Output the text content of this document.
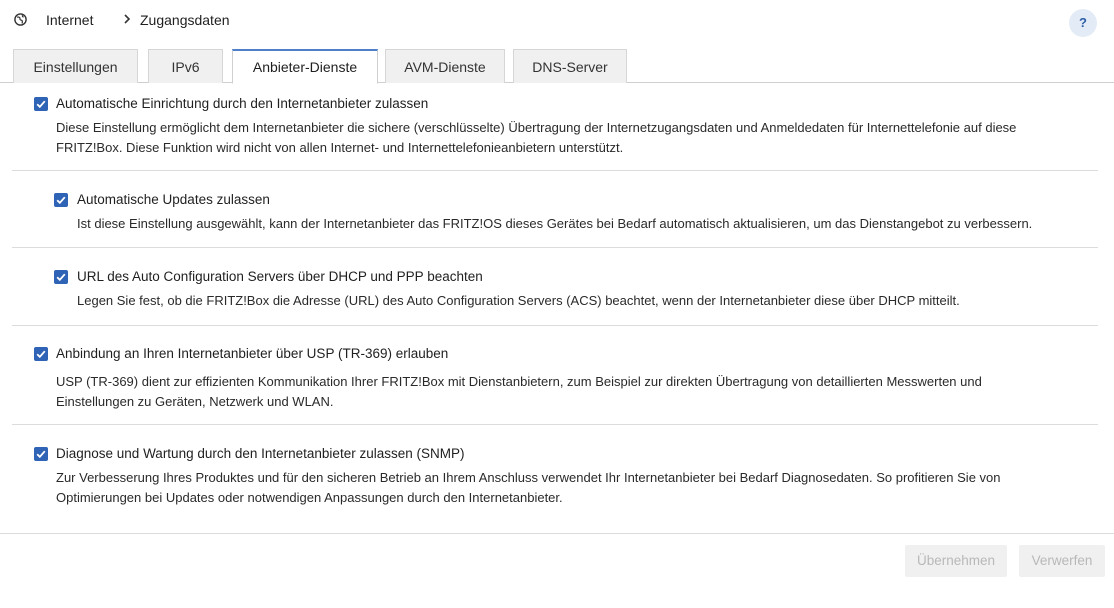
Internet	Zugangsdaten	?
Einstellungen	IPv6	Anbieter-Dienste	AVM-Dienste	DNS-Server
Automatische Einrichtung durch den Internetanbieter zulassen
Diese Einstellung ermöglicht dem Internetanbieter die sichere (verschlüsselte) Übertragung der Internetzugangsdaten und Anmeldedaten für Internettelefonie auf diese FRITZ!Box. Diese Funktion wird nicht von allen Internet- und Internettelefonieanbietern unterstützt.
Automatische Updates zulassen
Ist diese Einstellung ausgewählt, kann der Internetanbieter das FRITZ!OS dieses Gerätes bei Bedarf automatisch aktualisieren, um das Dienstangebot zu verbessern.
URL des Auto Configuration Servers über DHCP und PPP beachten
Legen Sie fest, ob die FRITZ!Box die Adresse (URL) des Auto Configuration Servers (ACS) beachtet, wenn der Internetanbieter diese über DHCP mitteilt.
Anbindung an Ihren Internetanbieter über USP (TR-369) erlauben
USP (TR-369) dient zur effizienten Kommunikation Ihrer FRITZ!Box mit Dienstanbietern, zum Beispiel zur direkten Übertragung von detaillierten Messwerten und Einstellungen zu Geräten, Netzwerk und WLAN.
Diagnose und Wartung durch den Internetanbieter zulassen (SNMP)
Zur Verbesserung Ihres Produktes und für den sicheren Betrieb an Ihrem Anschluss verwendet Ihr Internetanbieter bei Bedarf Diagnosedaten. So profitieren Sie von Optimierungen bei Updates oder notwendigen Anpassungen durch den Internetanbieter.
Übernehmen	Verwerfen
